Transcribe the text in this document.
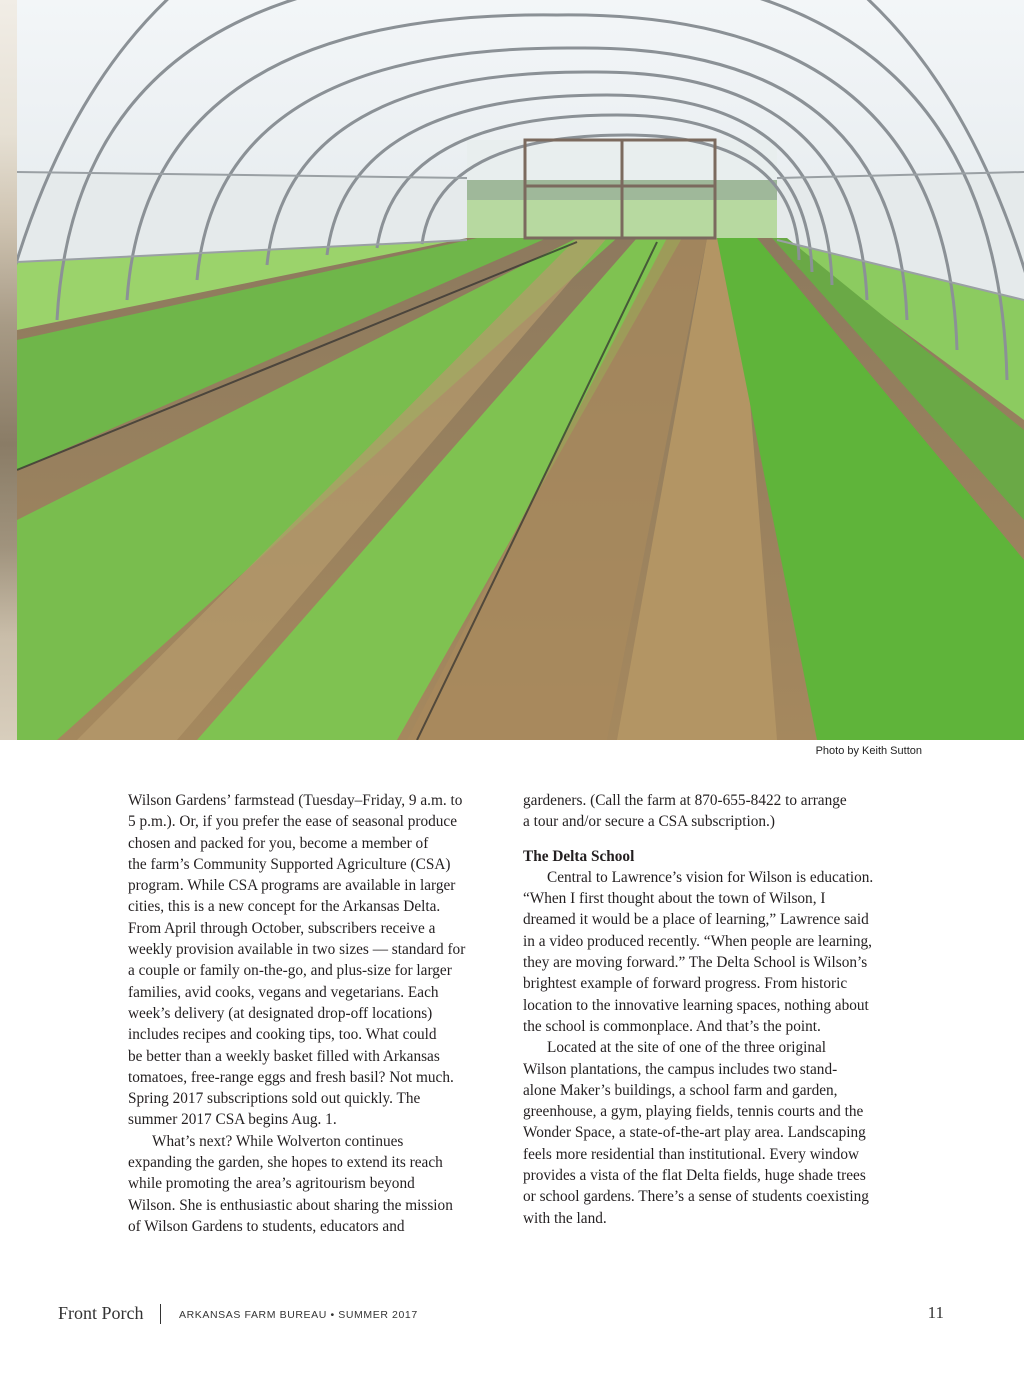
Photo by Keith Sutton

Wilson Gardens’ farmstead (Tuesday–Friday, 9 a.m. to
5 p.m.). Or, if you prefer the ease of seasonal produce
chosen and packed for you, become a member of
the farm’s Community Supported Agriculture (CSA)
program. While CSA programs are available in larger
cities, this is a new concept for the Arkansas Delta.
From April through October, subscribers receive a
weekly provision available in two sizes — standard for
a couple or family on-the-go, and plus-size for larger
families, avid cooks, vegans and vegetarians. Each
week’s delivery (at designated drop-off locations)
includes recipes and cooking tips, too. What could
be better than a weekly basket filled with Arkansas
tomatoes, free-range eggs and fresh basil? Not much.
Spring 2017 subscriptions sold out quickly. The
summer 2017 CSA begins Aug. 1.

What’s next? While Wolverton continues
expanding the garden, she hopes to extend its reach
while promoting the area’s agritourism beyond
Wilson. She is enthusiastic about sharing the mission
of Wilson Gardens to students, educators and

gardeners. (Call the farm at 870-655-8422 to arrange
a tour and/or secure a CSA subscription.)

The Delta School

Central to Lawrence’s vision for Wilson is education.
“When I first thought about the town of Wilson, I
dreamed it would be a place of learning,” Lawrence said
in a video produced recently. “When people are learning,
they are moving forward.” The Delta School is Wilson’s
brightest example of forward progress. From historic
location to the innovative learning spaces, nothing about
the school is commonplace. And that’s the point.

Located at the site of one of the three original
Wilson plantations, the campus includes two stand-
alone Maker’s buildings, a school farm and garden,
greenhouse, a gym, playing fields, tennis courts and the
Wonder Space, a state-of-the-art play area. Landscaping
feels more residential than institutional. Every window
provides a vista of the flat Delta fields, huge shade trees
or school gardens. There’s a sense of students coexisting
with the land.

Front Porch	ARKANSAS FARM BUREAU • SUMMER 2017	11
